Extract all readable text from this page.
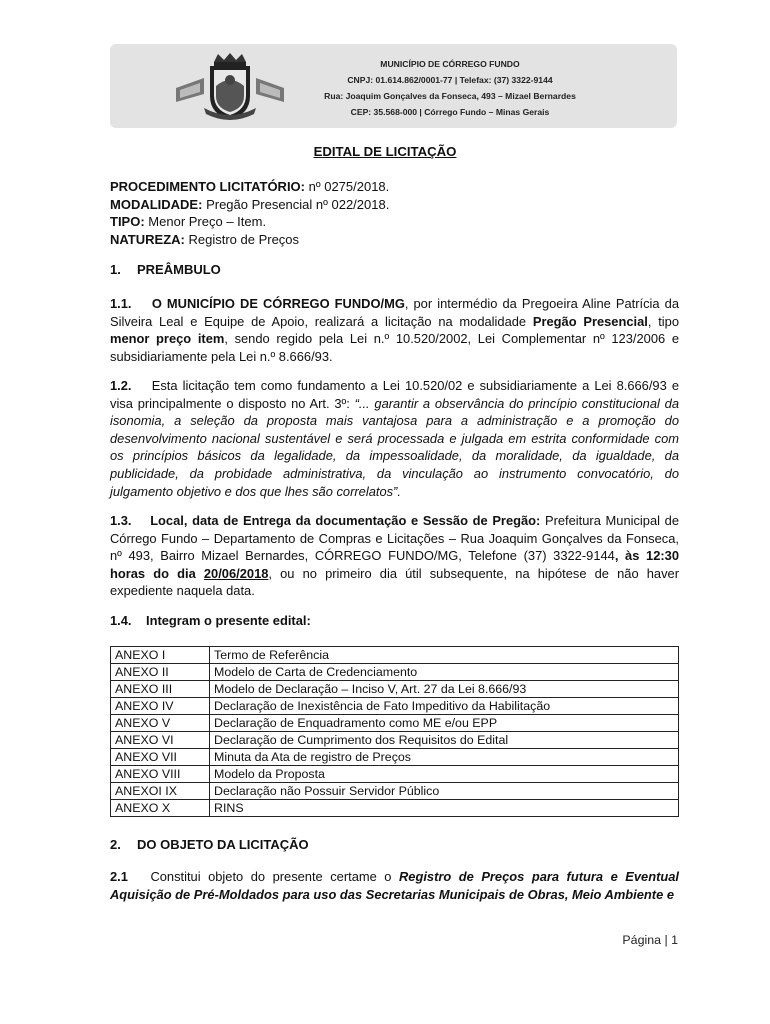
MUNICÍPIO DE CÓRREGO FUNDO
CNPJ: 01.614.862/0001-77 | Telefax: (37) 3322-9144
Rua: Joaquim Gonçalves da Fonseca, 493 – Mizael Bernardes
CEP: 35.568-000 | Córrego Fundo – Minas Gerais
EDITAL DE LICITAÇÃO
PROCEDIMENTO LICITATÓRIO: nº 0275/2018.
MODALIDADE: Pregão Presencial nº 022/2018.
TIPO: Menor Preço – Item.
NATUREZA: Registro de Preços
1. PREÂMBULO

1.1. O MUNICÍPIO DE CÓRREGO FUNDO/MG, por intermédio da Pregoeira Aline Patrícia da Silveira Leal e Equipe de Apoio, realizará a licitação na modalidade Pregão Presencial, tipo menor preço item, sendo regido pela Lei n.º 10.520/2002, Lei Complementar nº 123/2006 e subsidiariamente pela Lei n.º 8.666/93.

1.2. Esta licitação tem como fundamento a Lei 10.520/02 e subsidiariamente a Lei 8.666/93 e visa principalmente o disposto no Art. 3º: “... garantir a observância do princípio constitucional da isonomia, a seleção da proposta mais vantajosa para a administração e a promoção do desenvolvimento nacional sustentável e será processada e julgada em estrita conformidade com os princípios básicos da legalidade, da impessoalidade, da moralidade, da igualdade, da publicidade, da probidade administrativa, da vinculação ao instrumento convocatório, do julgamento objetivo e dos que lhes são correlatos”.

1.3. Local, data de Entrega da documentação e Sessão de Pregão: Prefeitura Municipal de Córrego Fundo – Departamento de Compras e Licitações – Rua Joaquim Gonçalves da Fonseca, nº 493, Bairro Mizael Bernardes, CÓRREGO FUNDO/MG, Telefone (37) 3322-9144, às 12:30 horas do dia 20/06/2018, ou no primeiro dia útil subsequente, na hipótese de não haver expediente naquela data.

1.4. Integram o presente edital:
ANEXO I	Termo de Referência
ANEXO II	Modelo de Carta de Credenciamento
ANEXO III	Modelo de Declaração – Inciso V, Art. 27 da Lei 8.666/93
ANEXO IV	Declaração de Inexistência de Fato Impeditivo da Habilitação
ANEXO V	Declaração de Enquadramento como ME e/ou EPP
ANEXO VI	Declaração de Cumprimento dos Requisitos do Edital
ANEXO VII	Minuta da Ata de registro de Preços
ANEXO VIII	Modelo da Proposta
ANEXOI IX	Declaração não Possuir Servidor Público
ANEXO X	RINS
2. DO OBJETO DA LICITAÇÃO

2.1 Constitui objeto do presente certame o Registro de Preços para futura e Eventual Aquisição de Pré-Moldados para uso das Secretarias Municipais de Obras, Meio Ambiente e

Página | 1
